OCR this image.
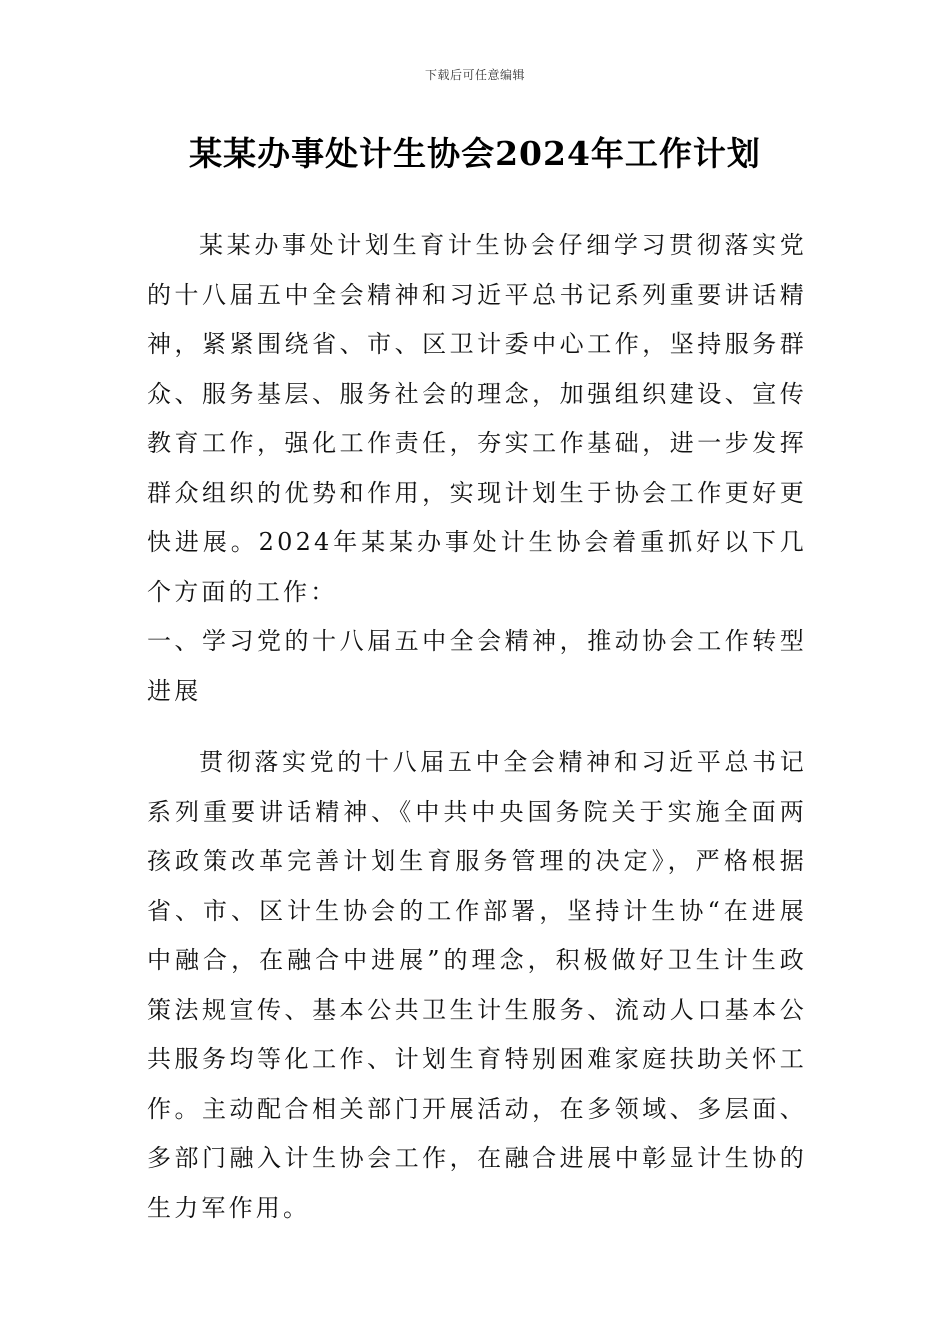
下载后可任意编辑
某某办事处计生协会2024年工作计划

某某办事处计划生育计生协会仔细学习贯彻落实党的十八届五中全会精神和习近平总书记系列重要讲话精神，紧紧围绕省、市、区卫计委中心工作，坚持服务群众、服务基层、服务社会的理念，加强组织建设、宣传教育工作，强化工作责任，夯实工作基础，进一步发挥群众组织的优势和作用，实现计划生于协会工作更好更快进展。2024年某某办事处计生协会着重抓好以下几个方面的工作：

一、学习党的十八届五中全会精神，推动协会工作转型进展

贯彻落实党的十八届五中全会精神和习近平总书记系列重要讲话精神、《中共中央国务院关于实施全面两孩政策改革完善计划生育服务管理的决定》，严格根据省、市、区计生协会的工作部署，坚持计生协“在进展中融合，在融合中进展”的理念，积极做好卫生计生政策法规宣传、基本公共卫生计生服务、流动人口基本公共服务均等化工作、计划生育特别困难家庭扶助关怀工作。主动配合相关部门开展活动，在多领域、多层面、多部门融入计生协会工作，在融合进展中彰显计生协的生力军作用。
